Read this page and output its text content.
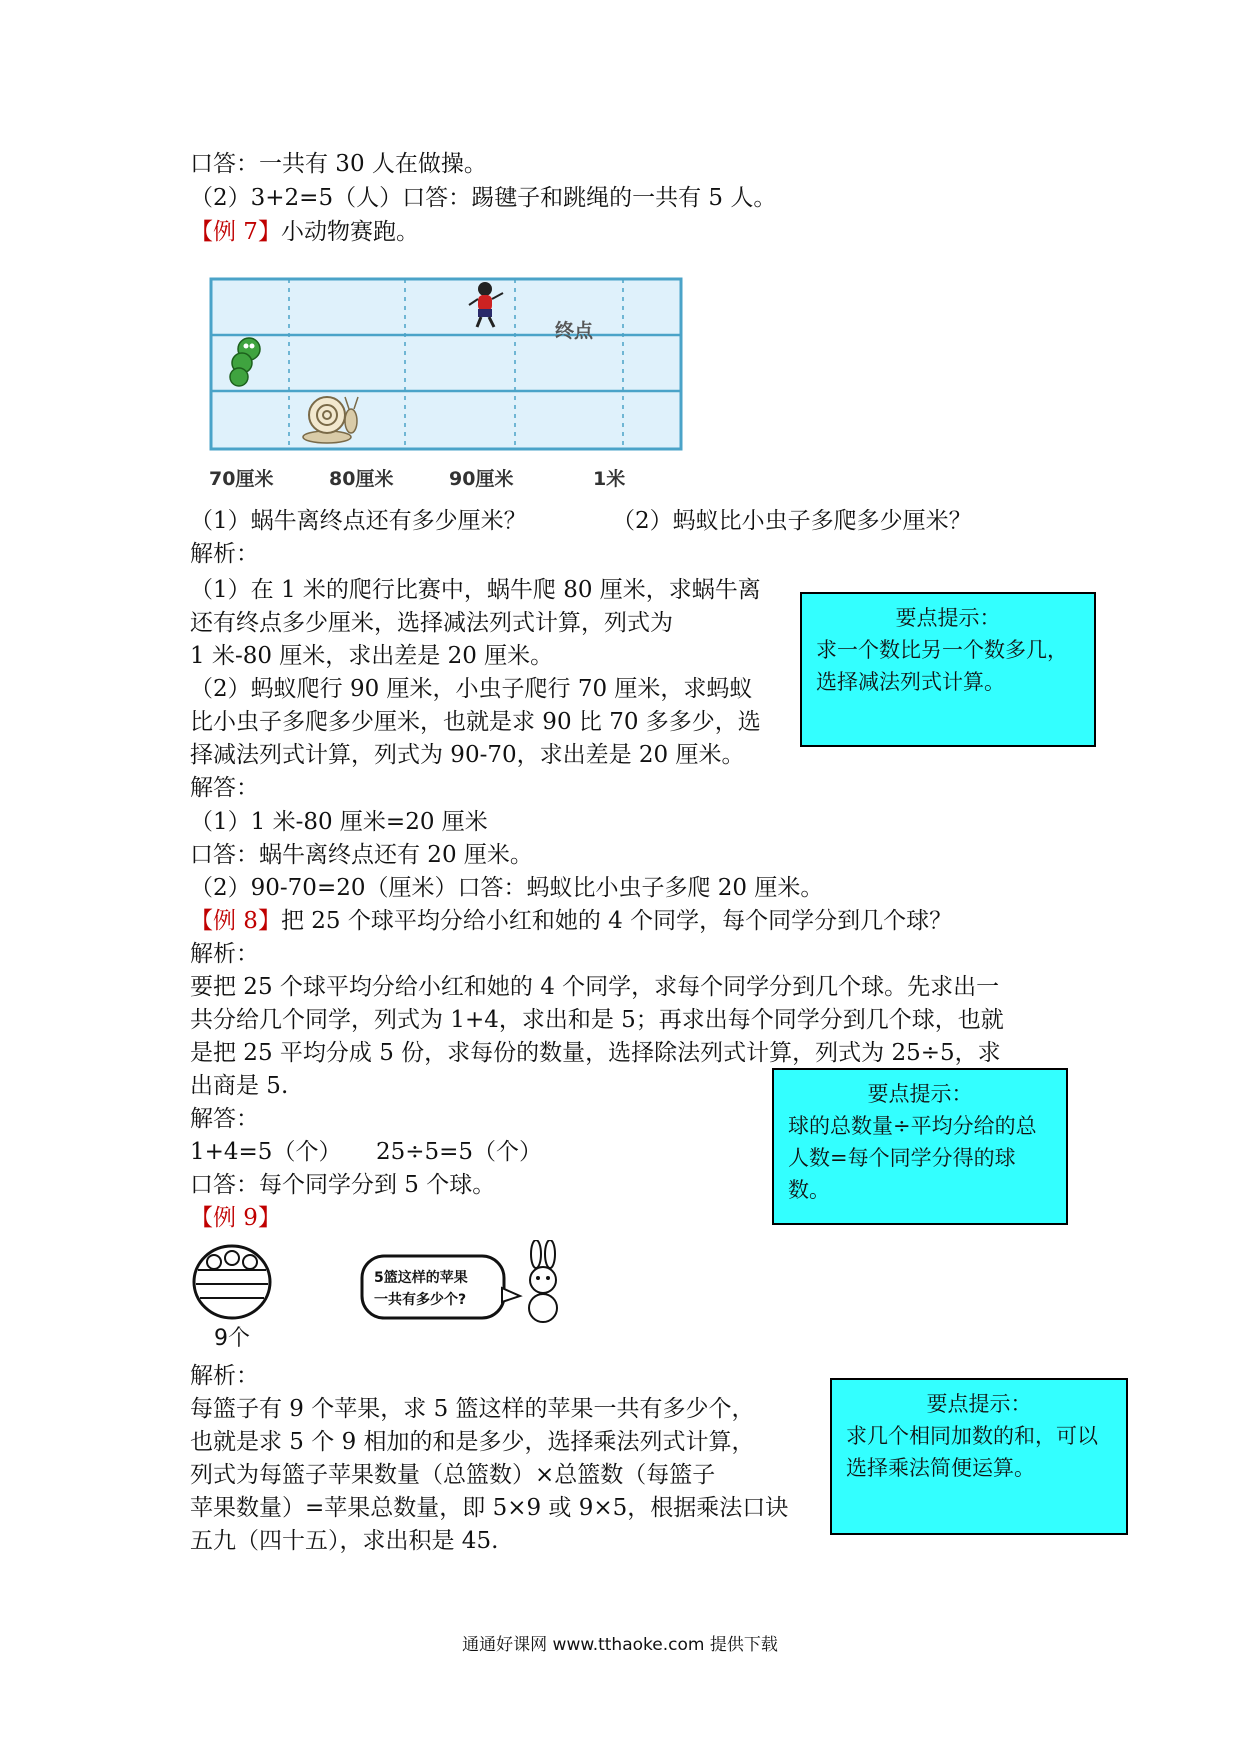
口答：一共有 30 人在做操。
（2）3+2=5（人）口答：踢毽子和跳绳的一共有 5 人。
【例 7】小动物赛跑。
终点
70厘米	80厘米	90厘米	1米
（1）蜗牛离终点还有多少厘米？	（2）蚂蚁比小虫子多爬多少厘米？
解析：
（1）在 1 米的爬行比赛中，蜗牛爬 80 厘米，求蜗牛离
还有终点多少厘米，选择减法列式计算，列式为
1 米-80 厘米，求出差是 20 厘米。
（2）蚂蚁爬行 90 厘米，小虫子爬行 70 厘米，求蚂蚁
比小虫子多爬多少厘米，也就是求 90 比 70 多多少，选
择减法列式计算，列式为 90-70，求出差是 20 厘米。
解答：
（1）1 米-80 厘米=20 厘米
口答：蜗牛离终点还有 20 厘米。
（2）90-70=20（厘米）口答：蚂蚁比小虫子多爬 20 厘米。
要点提示：
求一个数比另一个数多几，选择减法列式计算。
【例 8】把 25 个球平均分给小红和她的 4 个同学，每个同学分到几个球？
解析：
要把 25 个球平均分给小红和她的 4 个同学，求每个同学分到几个球。先求出一
共分给几个同学，列式为 1+4，求出和是 5；再求出每个同学分到几个球，也就
是把 25 平均分成 5 份，求每份的数量，选择除法列式计算，列式为 25÷5，求
出商是 5.
解答：
1+4=5（个）　　25÷5=5（个）
口答：每个同学分到 5 个球。
要点提示：
球的总数量÷平均分给的总人数=每个同学分得的球数。
【例 9】
9个
5篮这样的苹果
一共有多少个?
解析：
每篮子有 9 个苹果，求 5 篮这样的苹果一共有多少个，
也就是求 5 个 9 相加的和是多少，选择乘法列式计算，
列式为每篮子苹果数量（总篮数）×总篮数（每篮子
苹果数量）=苹果总数量，即 5×9 或 9×5，根据乘法口诀
五九（四十五），求出积是 45.
要点提示：
求几个相同加数的和，可以选择乘法简便运算。
通通好课网 www.tthaoke.com 提供下载
